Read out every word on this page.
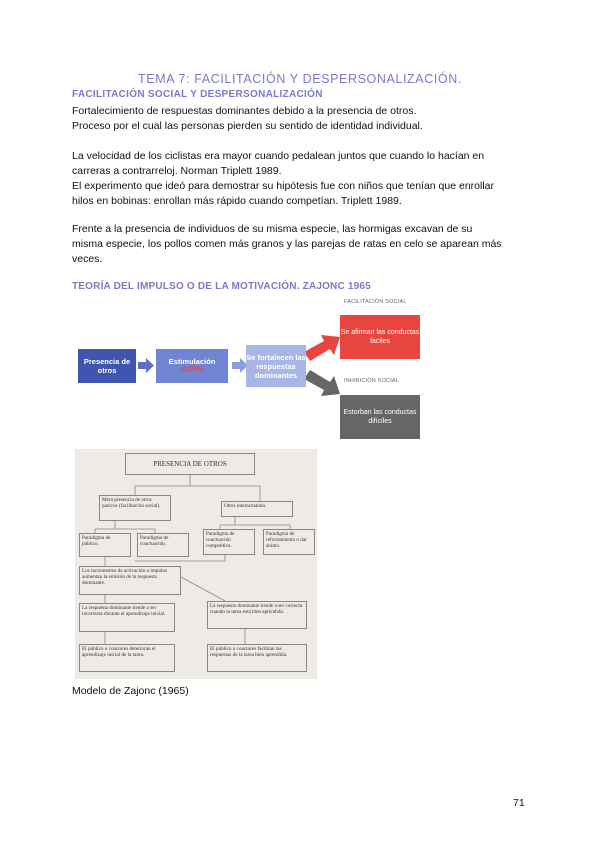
TEMA 7: FACILITACIÓN Y DESPERSONALIZACIÓN.
FACILITACIÓN SOCIAL Y DESPERSONALIZACIÓN
Fortalecimiento de respuestas dominantes debido a la presencia de otros.
Proceso por el cual las personas pierden su sentido de identidad individual.
La velocidad de los ciclistas era mayor cuando pedalean juntos que cuando lo hacían en
carreras a contrarreloj. Norman Triplett 1989.
El experimento que ideó para demostrar su hipótesis fue con niños que tenían que enrollar
hilos en bobinas: enrollan más rápido cuando competían. Triplett 1989.
Frente a la presencia de individuos de su misma especie, las hormigas excavan de su
misma especie, los pollos comen más granos y las parejas de ratas en celo se aparean más
veces.
TEORÍA DEL IMPULSO O DE LA MOTIVACIÓN. ZAJONC 1965
Presencia de otros
Estimulación
ALERTA
Se fortalecen las respuestas dominantes
FACILITACIÓN SOCIAL
Se afirman las conductas fáciles
INHIBICIÓN SOCIAL
Estorban las conductas difíciles
PRESENCIA DE OTROS
Mera presencia de otros pasivos (facilitación social).	Otros interactuando.
Paradigma de público.
Paradigma de coactuación.
Paradigma de coactuación competitiva.
Paradigma de reforzamiento o dar ánimo.
Los incrementos de activación o impulso aumentan la emisión de la respuesta dominante.
La respuesta dominante tiende a ser incorrecta durante el aprendizaje inicial.
La respuesta dominante tiende a ser correcta cuando la tarea está bien aprendida.
El público o coactores deterioran el aprendizaje inicial de la tarea.
El público o coactores facilitan las respuestas de la tarea bien aprendida.
Modelo de Zajonc (1965)
71
